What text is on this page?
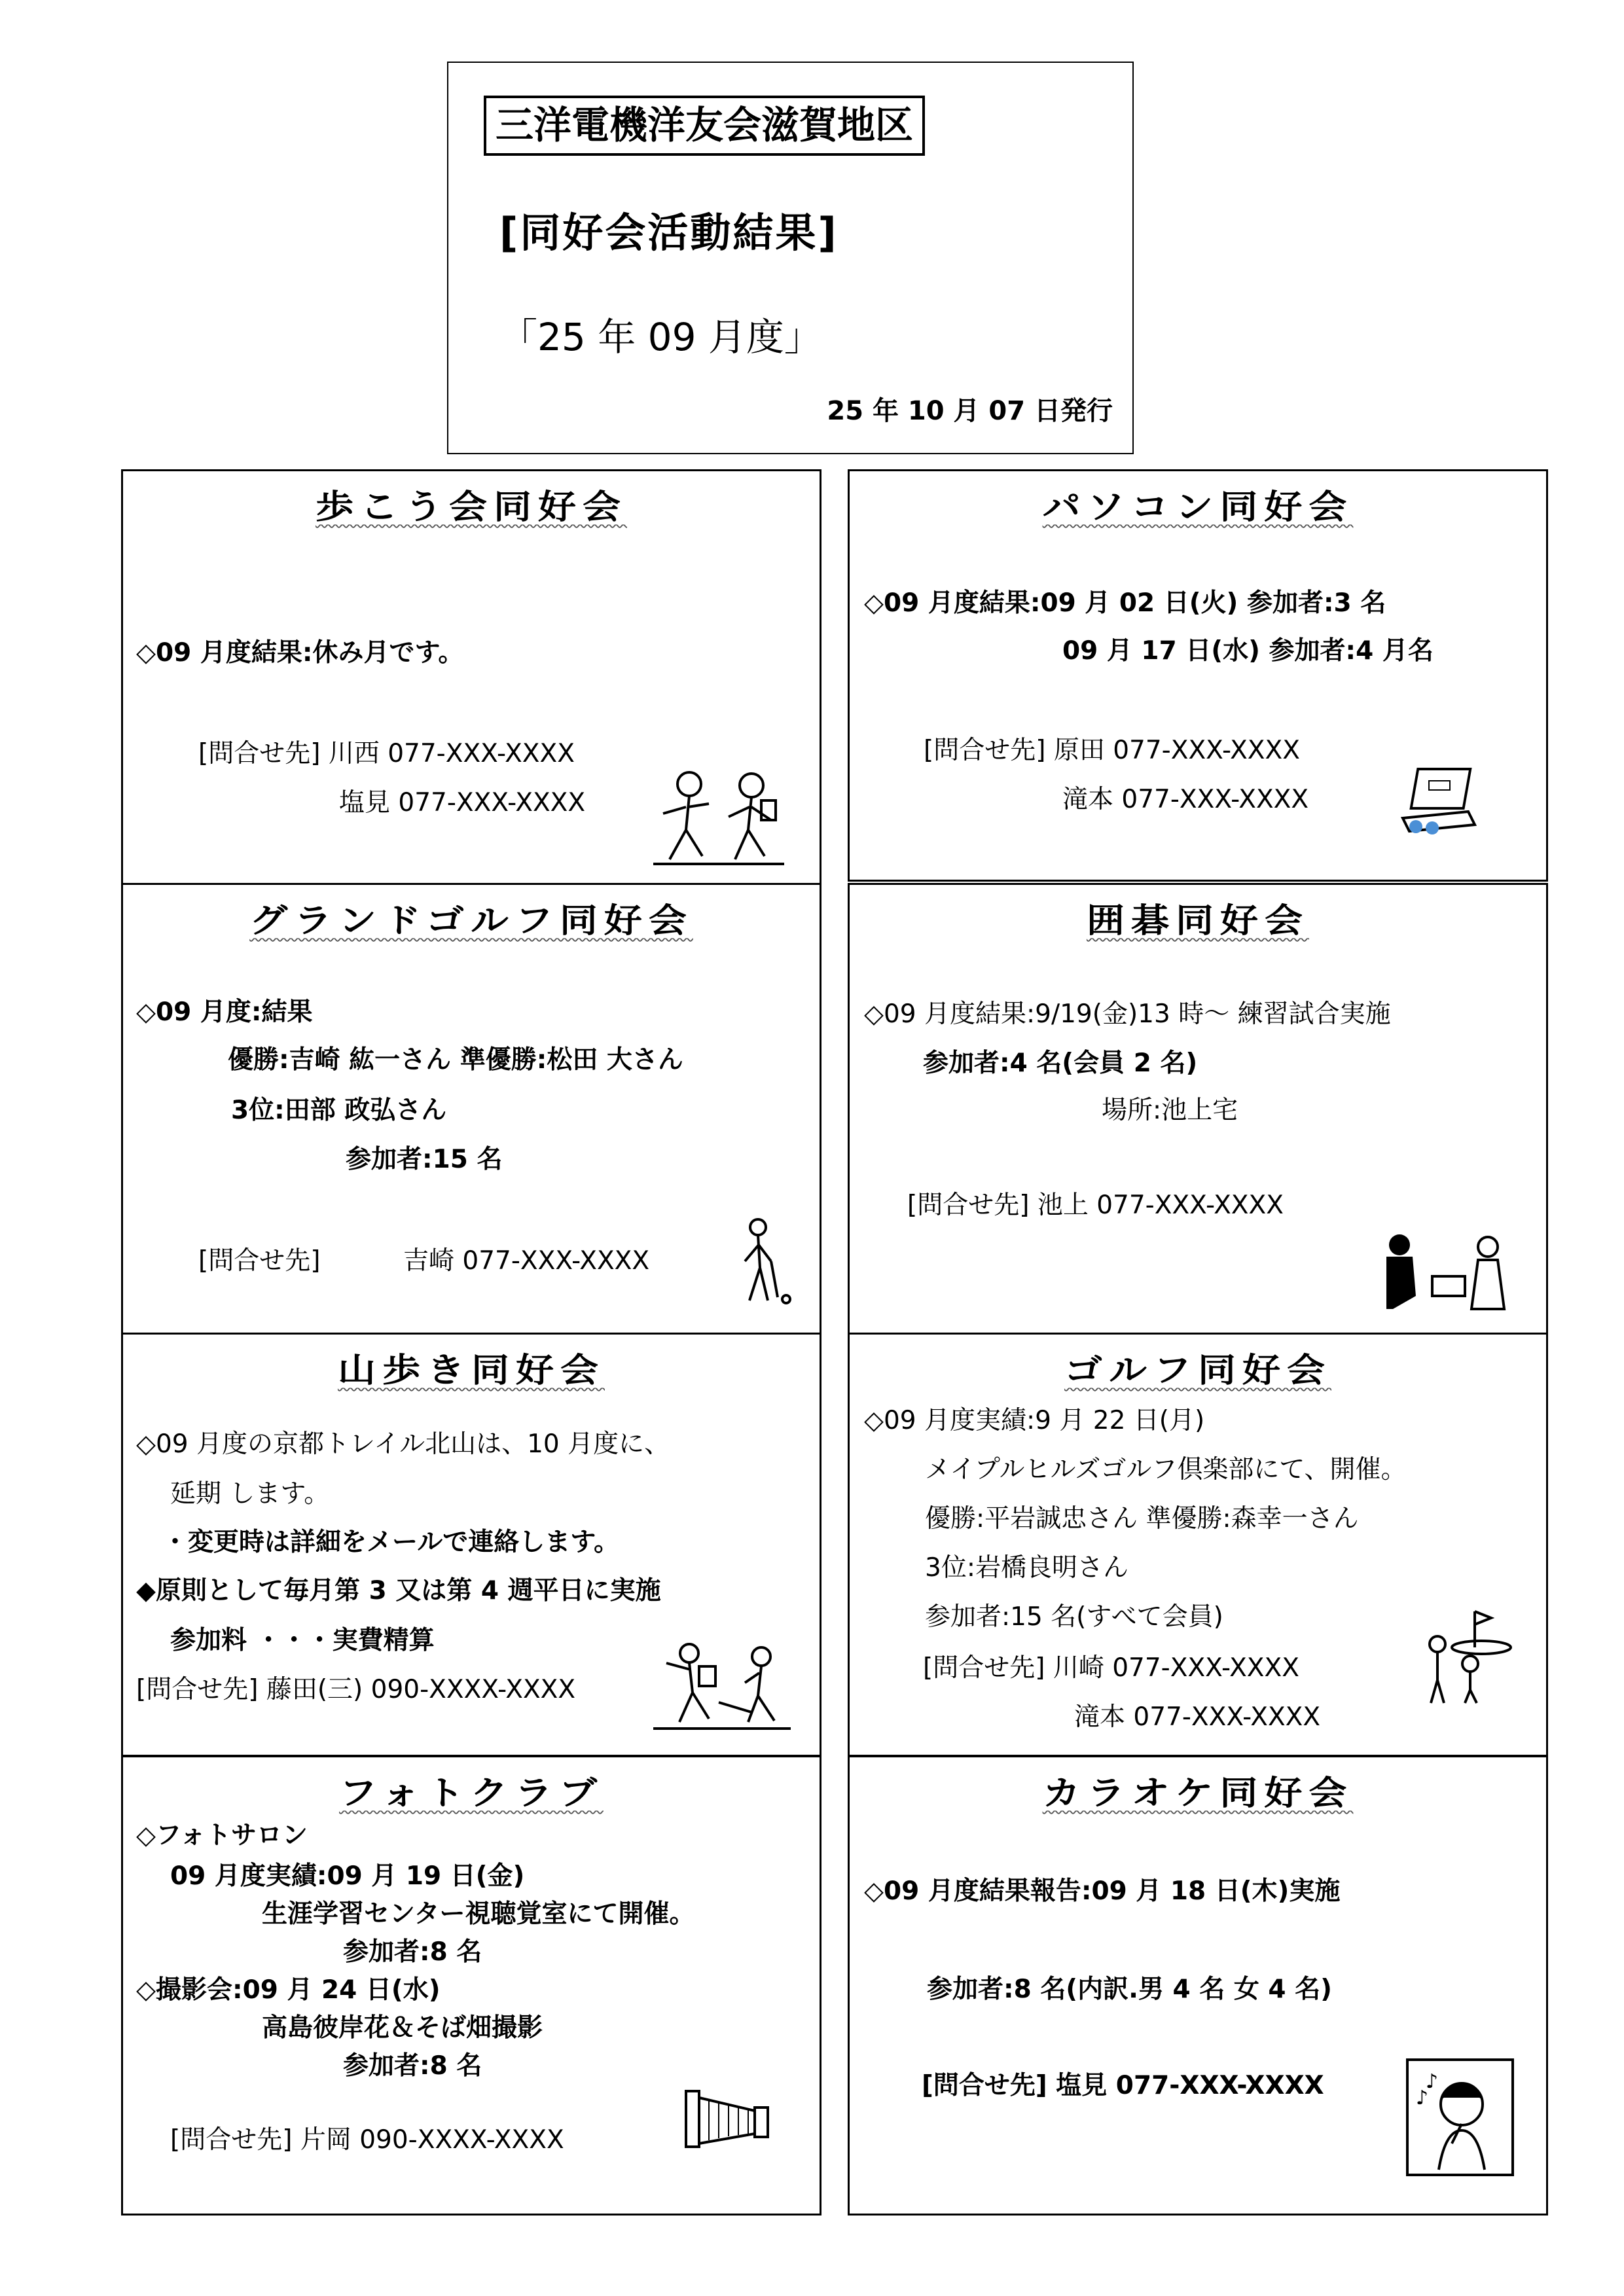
三洋電機洋友会滋賀地区
[同好会活動結果]
「25 年 09 月度」
25 年 10 月 07 日発行
歩こう会同好会
◇09 月度結果:休み月です。
[問合せ先] 川西 077-XXX-XXXX
塩見 077-XXX-XXXX
パソコン同好会
◇09 月度結果:09 月 02 日(火) 参加者:3 名
09 月 17 日(水) 参加者:4 月名
[問合せ先] 原田 077-XXX-XXXX
滝本 077-XXX-XXXX
グランドゴルフ同好会
◇09 月度:結果
優勝:吉崎 紘一さん 準優勝:松田 大さん
3位:田部 政弘さん
参加者:15 名
[問合せ先]	吉崎 077-XXX-XXXX
囲碁同好会
◇09 月度結果:9/19(金)13 時～ 練習試合実施
参加者:4 名(会員 2 名)
場所:池上宅
[問合せ先] 池上 077-XXX-XXXX
山歩き同好会
◇09 月度の京都トレイル北山は、10 月度に、
延期 します。
・変更時は詳細をメールで連絡します。
◆原則として毎月第 3 又は第 4 週平日に実施
参加料 ・・・実費精算
[問合せ先] 藤田(三) 090-XXXX-XXXX
ゴルフ同好会
◇09 月度実績:9 月 22 日(月)
メイプルヒルズゴルフ倶楽部にて、開催。
優勝:平岩誠忠さん 準優勝:森幸一さん
3位:岩橋良明さん
参加者:15 名(すべて会員)
[問合せ先] 川崎 077-XXX-XXXX
滝本 077-XXX-XXXX
フォトクラブ
◇フォトサロン
09 月度実績:09 月 19 日(金)
生涯学習センター視聴覚室にて開催。
参加者:8 名
◇撮影会:09 月 24 日(水)
高島彼岸花＆そば畑撮影
参加者:8 名
[問合せ先] 片岡 090-XXXX-XXXX
カラオケ同好会
◇09 月度結果報告:09 月 18 日(木)実施
参加者:8 名(内訳.男 4 名 女 4 名)
[問合せ先] 塩見 077-XXX-XXXX	♪
♪
